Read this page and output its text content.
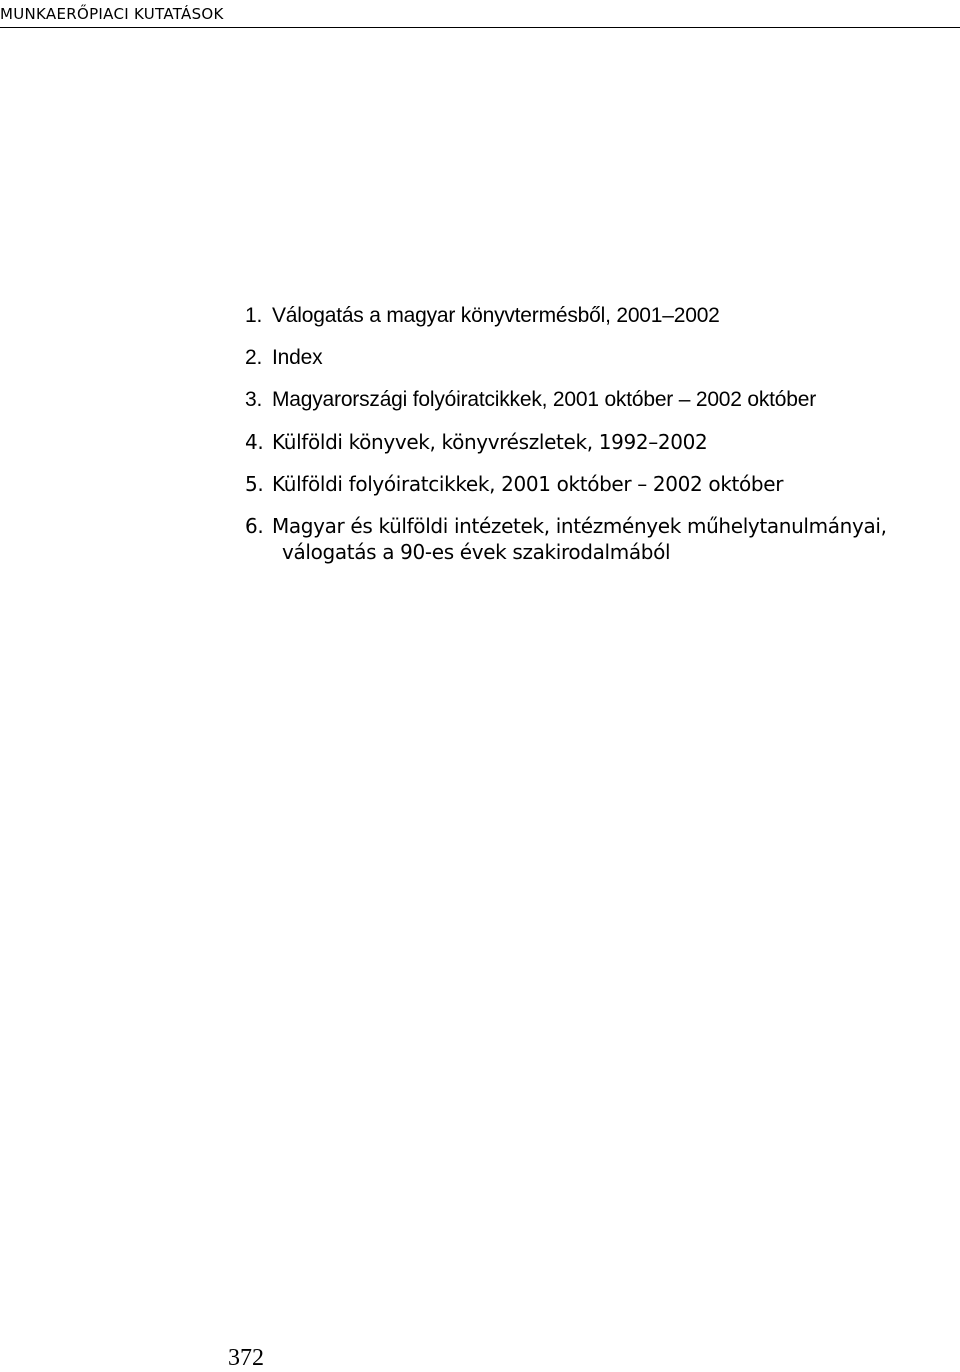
MUNKAERŐPIACI KUTATÁSOK
1. Válogatás a magyar könyvtermésből, 2001–2002
2. Index
3. Magyarországi folyóiratcikkek, 2001 október – 2002 október
4. Külföldi könyvek, könyvrészletek, 1992–2002
5. Külföldi folyóiratcikkek, 2001 október – 2002 október
6. Magyar és külföldi intézetek, intézmények műhelytanulmányai,
válogatás a 90-es évek szakirodalmából
372
